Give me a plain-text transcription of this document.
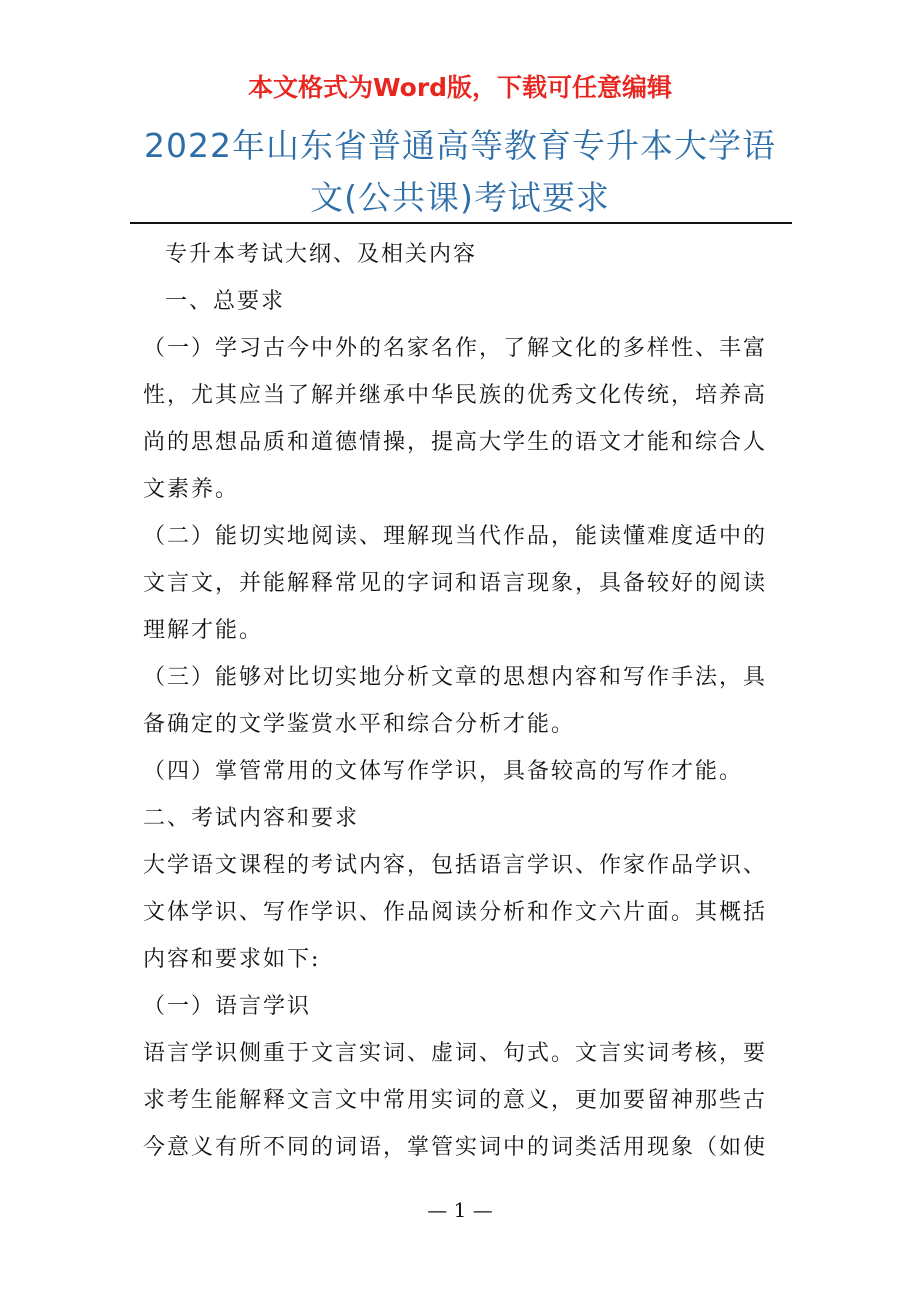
本文格式为Word版，下载可任意编辑
2022年山东省普通高等教育专升本大学语
文(公共课)考试要求

专升本考试大纲、及相关内容

一、总要求

（一）学习古今中外的名家名作，了解文化的多样性、丰富性，尤其应当了解并继承中华民族的优秀文化传统，培养高尚的思想品质和道德情操，提高大学生的语文才能和综合人文素养。

（二）能切实地阅读、理解现当代作品，能读懂难度适中的文言文，并能解释常见的字词和语言现象，具备较好的阅读理解才能。

（三）能够对比切实地分析文章的思想内容和写作手法，具备确定的文学鉴赏水平和综合分析才能。

（四）掌管常用的文体写作学识，具备较高的写作才能。

二、考试内容和要求

大学语文课程的考试内容，包括语言学识、作家作品学识、文体学识、写作学识、作品阅读分析和作文六片面。其概括内容和要求如下:

（一）语言学识

语言学识侧重于文言实词、虚词、句式。文言实词考核，要求考生能解释文言文中常用实词的意义，更加要留神那些古今意义有所不同的词语，掌管实词中的词类活用现象（如使

— 1 —
